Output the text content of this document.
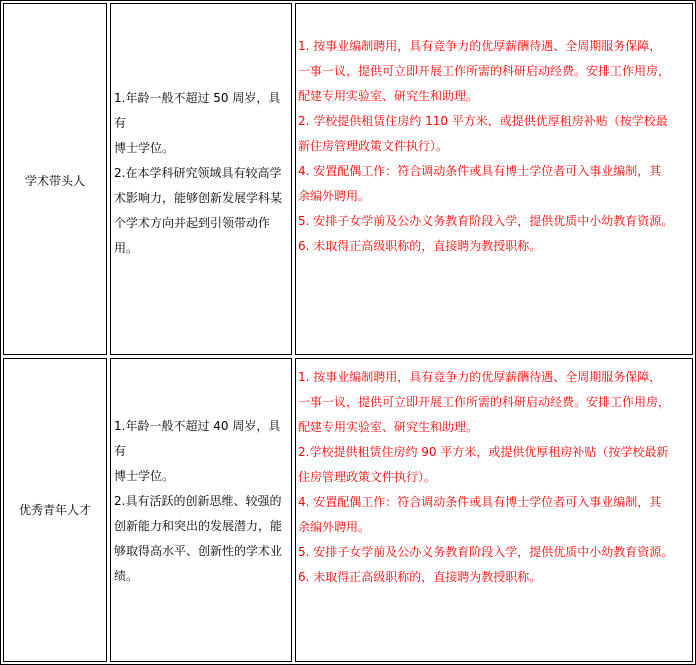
学术带头人

1.年龄一般不超过 50 周岁，具有

博士学位。

2.在本学科研究领域具有较高学

术影响力，能够创新发展学科某

个学术方向并起到引领带动作

用。

1. 按事业编制聘用，具有竞争力的优厚薪酬待遇、全周期服务保障，

一事一议，提供可立即开展工作所需的科研启动经费。安排工作用房，

配建专用实验室、研究生和助理。

2. 学校提供租赁住房约 110 平方米，或提供优厚租房补贴（按学校最

新住房管理政策文件执行）。

4. 安置配偶工作：符合调动条件或具有博士学位者可入事业编制，其

余编外聘用。

5. 安排子女学前及公办义务教育阶段入学，提供优质中小幼教育资源。

6. 未取得正高级职称的，直接聘为教授职称。

优秀青年人才

1.年龄一般不超过 40 周岁，具有

博士学位。

2.具有活跃的创新思维、较强的

创新能力和突出的发展潜力，能

够取得高水平、创新性的学术业

绩。

1. 按事业编制聘用，具有竞争力的优厚薪酬待遇、全周期服务保障，

一事一议，提供可立即开展工作所需的科研启动经费。安排工作用房，

配建专用实验室、研究生和助理。

2.学校提供租赁住房约 90 平方米，或提供优厚租房补贴（按学校最新

住房管理政策文件执行）。

4. 安置配偶工作：符合调动条件或具有博士学位者可入事业编制，其

余编外聘用。

5. 安排子女学前及公办义务教育阶段入学，提供优质中小幼教育资源。

6. 未取得正高级职称的，直接聘为教授职称。
